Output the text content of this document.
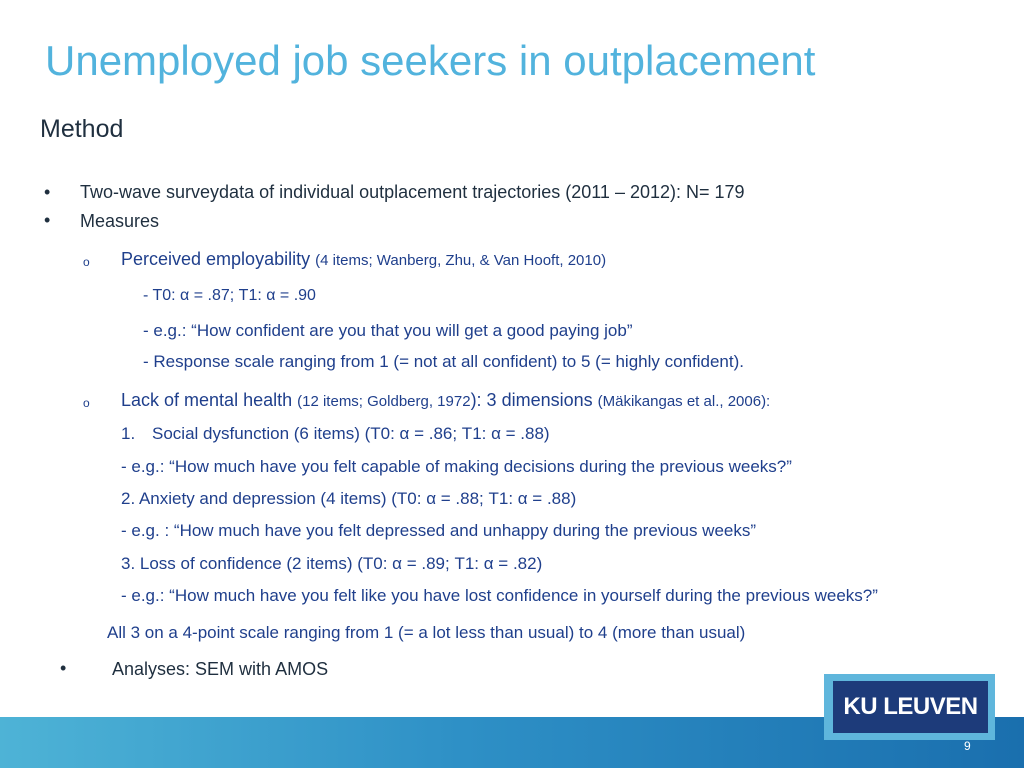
Unemployed job seekers in outplacement
Method
• Two-wave surveydata of individual outplacement trajectories (2011 – 2012): N= 179
• Measures
o Perceived employability (4 items; Wanberg, Zhu, & Van Hooft, 2010)
- T0: α = .87; T1: α = .90
- e.g.: “How confident are you that you will get a good paying job”
- Response scale ranging from 1 (= not at all confident) to 5 (= highly confident).
o Lack of mental health (12 items; Goldberg, 1972): 3 dimensions (Mäkikangas et al., 2006):
1. Social dysfunction (6 items) (T0: α = .86; T1: α = .88)
- e.g.: “How much have you felt capable of making decisions during the previous weeks?”
2. Anxiety and depression (4 items) (T0: α = .88; T1: α = .88)
- e.g. : “How much have you felt depressed and unhappy during the previous weeks”
3. Loss of confidence (2 items) (T0: α = .89; T1: α = .82)
- e.g.: “How much have you felt like you have lost confidence in yourself during the previous weeks?”
All 3 on a 4-point scale ranging from 1 (= a lot less than usual) to 4 (more than usual)
•	Analyses: SEM with AMOS
KU LEUVEN
9
